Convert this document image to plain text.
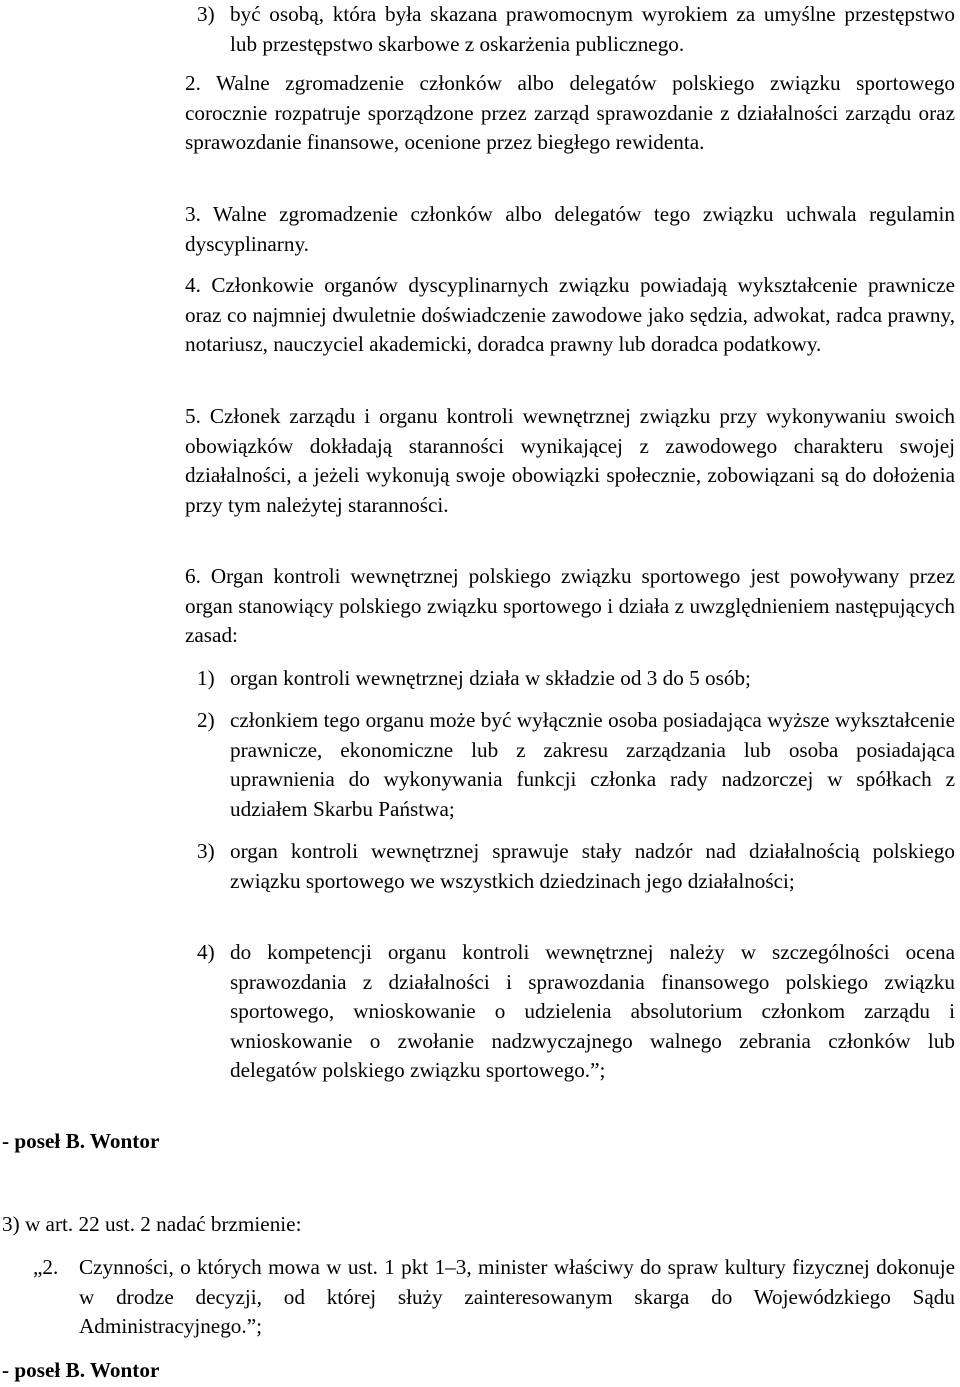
3) być osobą, która była skazana prawomocnym wyrokiem za umyślne przestępstwo lub przestępstwo skarbowe z oskarżenia publicznego.
2. Walne zgromadzenie członków albo delegatów polskiego związku sportowego corocznie rozpatruje sporządzone przez zarząd sprawozdanie z działalności zarządu oraz sprawozdanie finansowe, ocenione przez biegłego rewidenta.
3. Walne zgromadzenie członków albo delegatów tego związku uchwala regulamin dyscyplinarny.
4. Członkowie organów dyscyplinarnych związku powiadają wykształcenie prawnicze oraz co najmniej dwuletnie doświadczenie zawodowe jako sędzia, adwokat, radca prawny, notariusz, nauczyciel akademicki, doradca prawny lub doradca podatkowy.
5. Członek zarządu i organu kontroli wewnętrznej związku przy wykonywaniu swoich obowiązków dokładają staranności wynikającej z zawodowego charakteru swojej działalności, a jeżeli wykonują swoje obowiązki społecznie, zobowiązani są do dołożenia przy tym należytej staranności.
6. Organ kontroli wewnętrznej polskiego związku sportowego jest powoływany przez organ stanowiący polskiego związku sportowego i działa z uwzględnieniem następujących zasad:
1) organ kontroli wewnętrznej działa w składzie od 3 do 5 osób;
2) członkiem tego organu może być wyłącznie osoba posiadająca wyższe wykształcenie prawnicze, ekonomiczne lub z zakresu zarządzania lub osoba posiadająca uprawnienia do wykonywania funkcji członka rady nadzorczej w spółkach z udziałem Skarbu Państwa;
3) organ kontroli wewnętrznej sprawuje stały nadzór nad działalnością polskiego związku sportowego we wszystkich dziedzinach jego działalności;
4) do kompetencji organu kontroli wewnętrznej należy w szczególności ocena sprawozdania z działalności i sprawozdania finansowego polskiego związku sportowego, wnioskowanie o udzielenia absolutorium członkom zarządu i wnioskowanie o zwołanie nadzwyczajnego walnego zebrania członków lub delegatów polskiego związku sportowego.”;
- poseł B. Wontor
3) w art. 22 ust. 2 nadać brzmienie:
„2. Czynności, o których mowa w ust. 1 pkt 1–3, minister właściwy do spraw kultury fizycznej dokonuje w drodze decyzji, od której służy zainteresowanym skarga do Wojewódzkiego Sądu Administracyjnego.”;
- poseł B. Wontor
